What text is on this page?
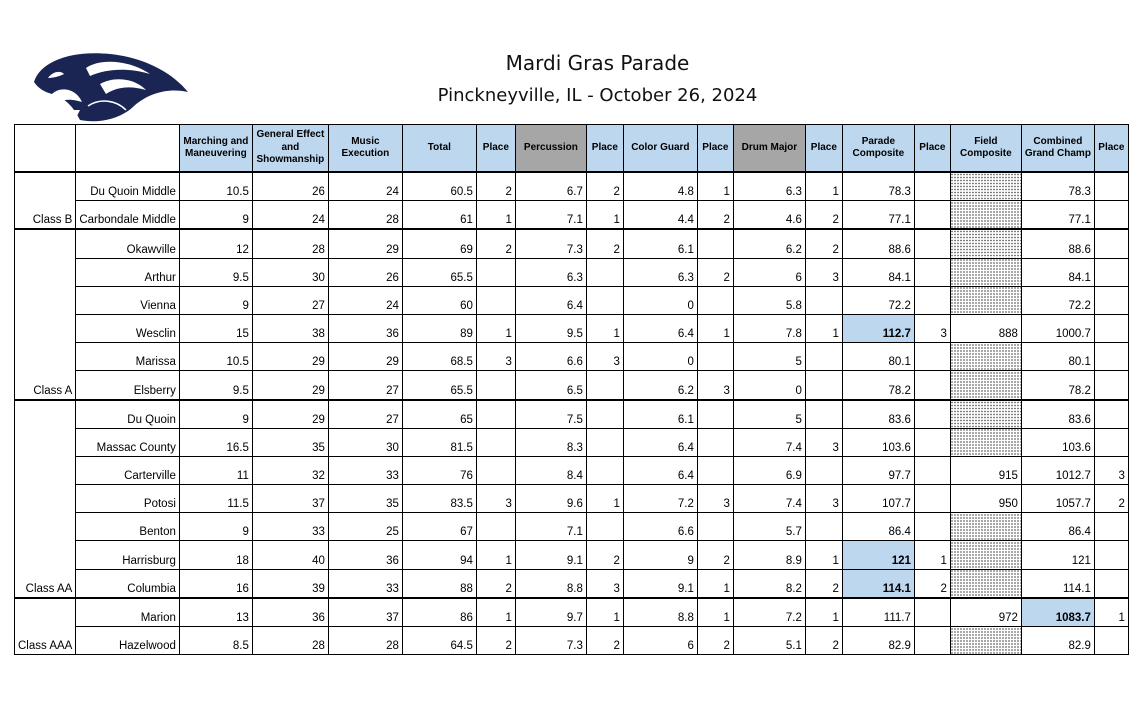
Mardi Gras Parade
Pinckneyville, IL - October 26, 2024
		Marching and Maneuvering	General Effect and Showmanship	Music Execution	Total	Place	Percussion	Place	Color Guard	Place	Drum Major	Place	Parade Composite	Place	Field Composite	Combined Grand Champ	Place
Class B	Du Quoin Middle	10.5	26	24	60.5	2	6.7	2	4.8	1	6.3	1	78.3			78.3	
	Carbondale Middle	9	24	28	61	1	7.1	1	4.4	2	4.6	2	77.1			77.1	
Class A	Okawville	12	28	29	69	2	7.3	2	6.1		6.2	2	88.6			88.6	
	Arthur	9.5	30	26	65.5		6.3		6.3	2	6	3	84.1			84.1	
	Vienna	9	27	24	60		6.4		0		5.8		72.2			72.2	
	Wesclin	15	38	36	89	1	9.5	1	6.4	1	7.8	1	112.7	3	888	1000.7	
	Marissa	10.5	29	29	68.5	3	6.6	3	0		5		80.1			80.1	
	Elsberry	9.5	29	27	65.5		6.5		6.2	3	0		78.2			78.2	
Class AA	Du Quoin	9	29	27	65		7.5		6.1		5		83.6			83.6	
	Massac County	16.5	35	30	81.5		8.3		6.4		7.4	3	103.6			103.6	
	Carterville	11	32	33	76		8.4		6.4		6.9		97.7		915	1012.7	3
	Potosi	11.5	37	35	83.5	3	9.6	1	7.2	3	7.4	3	107.7		950	1057.7	2
	Benton	9	33	25	67		7.1		6.6		5.7		86.4			86.4	
	Harrisburg	18	40	36	94	1	9.1	2	9	2	8.9	1	121	1		121	
	Columbia	16	39	33	88	2	8.8	3	9.1	1	8.2	2	114.1	2		114.1	
Class AAA	Marion	13	36	37	86	1	9.7	1	8.8	1	7.2	1	111.7		972	1083.7	1
	Hazelwood	8.5	28	28	64.5	2	7.3	2	6	2	5.1	2	82.9			82.9	
